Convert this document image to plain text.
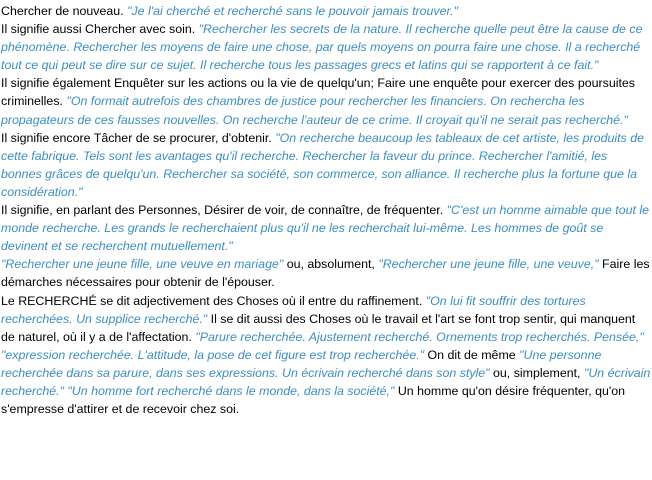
Chercher de nouveau. "Je l'ai cherché et recherché sans le pouvoir jamais trouver."
Il signifie aussi Chercher avec soin. "Rechercher les secrets de la nature. Il recherche quelle peut être la cause de ce phénomène. Rechercher les moyens de faire une chose, par quels moyens on pourra faire une chose. Il a recherché tout ce qui peut se dire sur ce sujet. Il recherche tous les passages grecs et latins qui se rapportent à ce fait."
Il signifie également Enquêter sur les actions ou la vie de quelqu'un; Faire une enquête pour exercer des poursuites criminelles. "On formait autrefois des chambres de justice pour rechercher les financiers. On rechercha les propagateurs de ces fausses nouvelles. On recherche l'auteur de ce crime. Il croyait qu'il ne serait pas recherché."
Il signifie encore Tâcher de se procurer, d'obtenir. "On recherche beaucoup les tableaux de cet artiste, les produits de cette fabrique. Tels sont les avantages qu'il recherche. Rechercher la faveur du prince. Rechercher l'amitié, les bonnes grâces de quelqu'un. Rechercher sa société, son commerce, son alliance. Il recherche plus la fortune que la considération."
Il signifie, en parlant des Personnes, Désirer de voir, de connaître, de fréquenter. "C'est un homme aimable que tout le monde recherche. Les grands le recherchaient plus qu'il ne les recherchait lui-même. Les hommes de goût se devinent et se recherchent mutuellement."
"Rechercher une jeune fille, une veuve en mariage" ou, absolument, "Rechercher une jeune fille, une veuve," Faire les démarches nécessaires pour obtenir de l'épouser.
Le RECHERCHÉ se dit adjectivement des Choses où il entre du raffinement. "On lui fit souffrir des tortures recherchées. Un supplice recherché." Il se dit aussi des Choses où le travail et l'art se font trop sentir, qui manquent de naturel, où il y a de l'affectation. "Parure recherchée. Ajustement recherché. Ornements trop recherchés. Pensée," "expression recherchée. L'attitude, la pose de cet figure est trop recherchée." On dit de même "Une personne recherchée dans sa parure, dans ses expressions. Un écrivain recherché dans son style" ou, simplement, "Un écrivain recherché." "Un homme fort recherché dans le monde, dans la société," Un homme qu'on désire fréquenter, qu'on s'empresse d'attirer et de recevoir chez soi.
